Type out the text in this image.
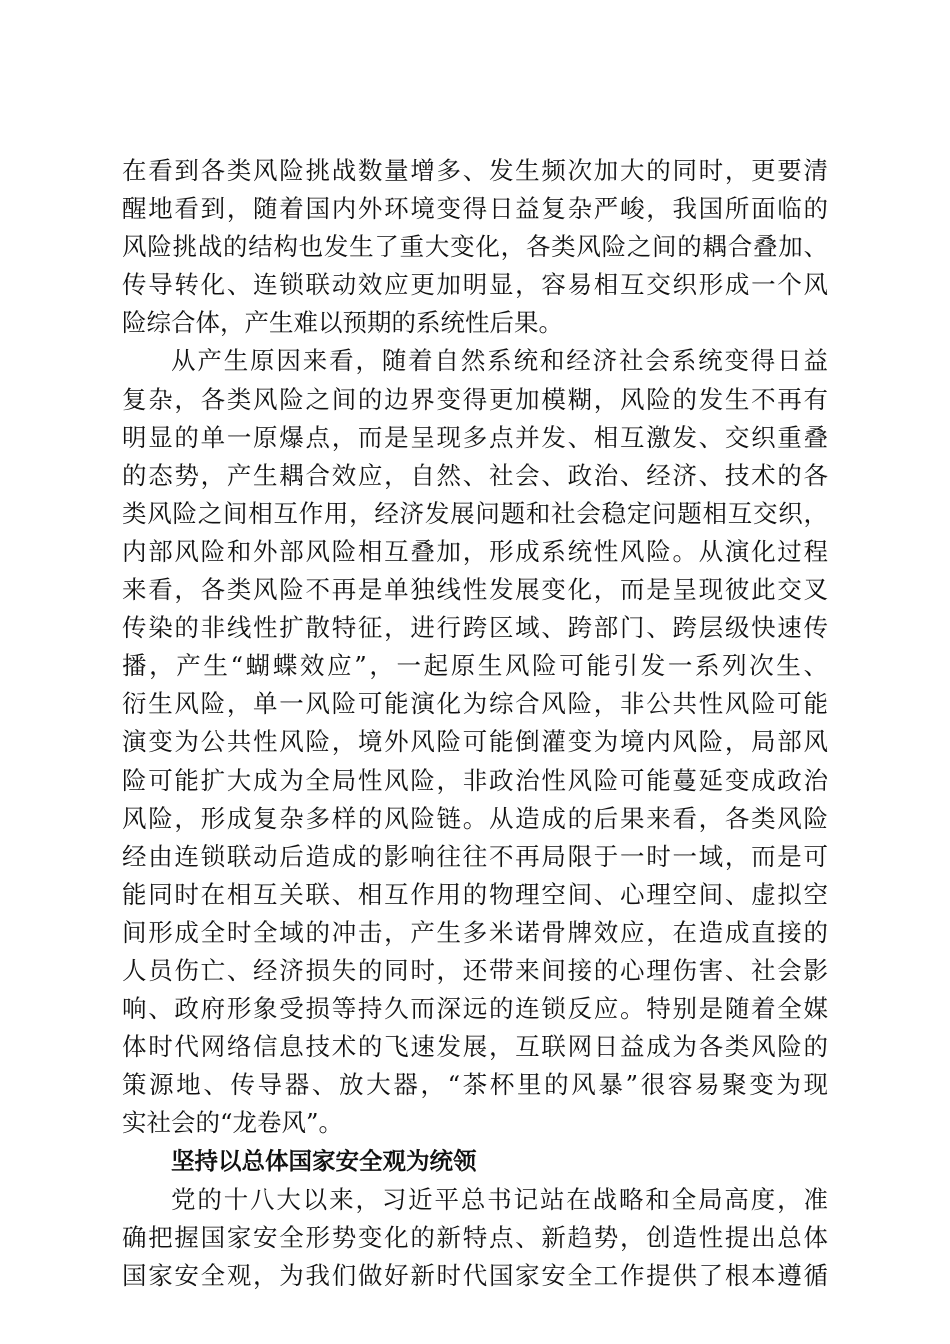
在看到各类风险挑战数量增多、发生频次加大的同时，更要清
醒地看到，随着国内外环境变得日益复杂严峻，我国所面临的
风险挑战的结构也发生了重大变化，各类风险之间的耦合叠加、
传导转化、连锁联动效应更加明显，容易相互交织形成一个风
险综合体，产生难以预期的系统性后果。
从产生原因来看，随着自然系统和经济社会系统变得日益
复杂，各类风险之间的边界变得更加模糊，风险的发生不再有
明显的单一原爆点，而是呈现多点并发、相互激发、交织重叠
的态势，产生耦合效应，自然、社会、政治、经济、技术的各
类风险之间相互作用，经济发展问题和社会稳定问题相互交织，
内部风险和外部风险相互叠加，形成系统性风险。从演化过程
来看，各类风险不再是单独线性发展变化，而是呈现彼此交叉
传染的非线性扩散特征，进行跨区域、跨部门、跨层级快速传
播，产生“蝴蝶效应”，一起原生风险可能引发一系列次生、
衍生风险，单一风险可能演化为综合风险，非公共性风险可能
演变为公共性风险，境外风险可能倒灌变为境内风险，局部风
险可能扩大成为全局性风险，非政治性风险可能蔓延变成政治
风险，形成复杂多样的风险链。从造成的后果来看，各类风险
经由连锁联动后造成的影响往往不再局限于一时一域，而是可
能同时在相互关联、相互作用的物理空间、心理空间、虚拟空
间形成全时全域的冲击，产生多米诺骨牌效应，在造成直接的
人员伤亡、经济损失的同时，还带来间接的心理伤害、社会影
响、政府形象受损等持久而深远的连锁反应。特别是随着全媒
体时代网络信息技术的飞速发展，互联网日益成为各类风险的
策源地、传导器、放大器，“茶杯里的风暴”很容易聚变为现
实社会的“龙卷风”。
坚持以总体国家安全观为统领
党的十八大以来，习近平总书记站在战略和全局高度，准
确把握国家安全形势变化的新特点、新趋势，创造性提出总体
国家安全观，为我们做好新时代国家安全工作提供了根本遵循
